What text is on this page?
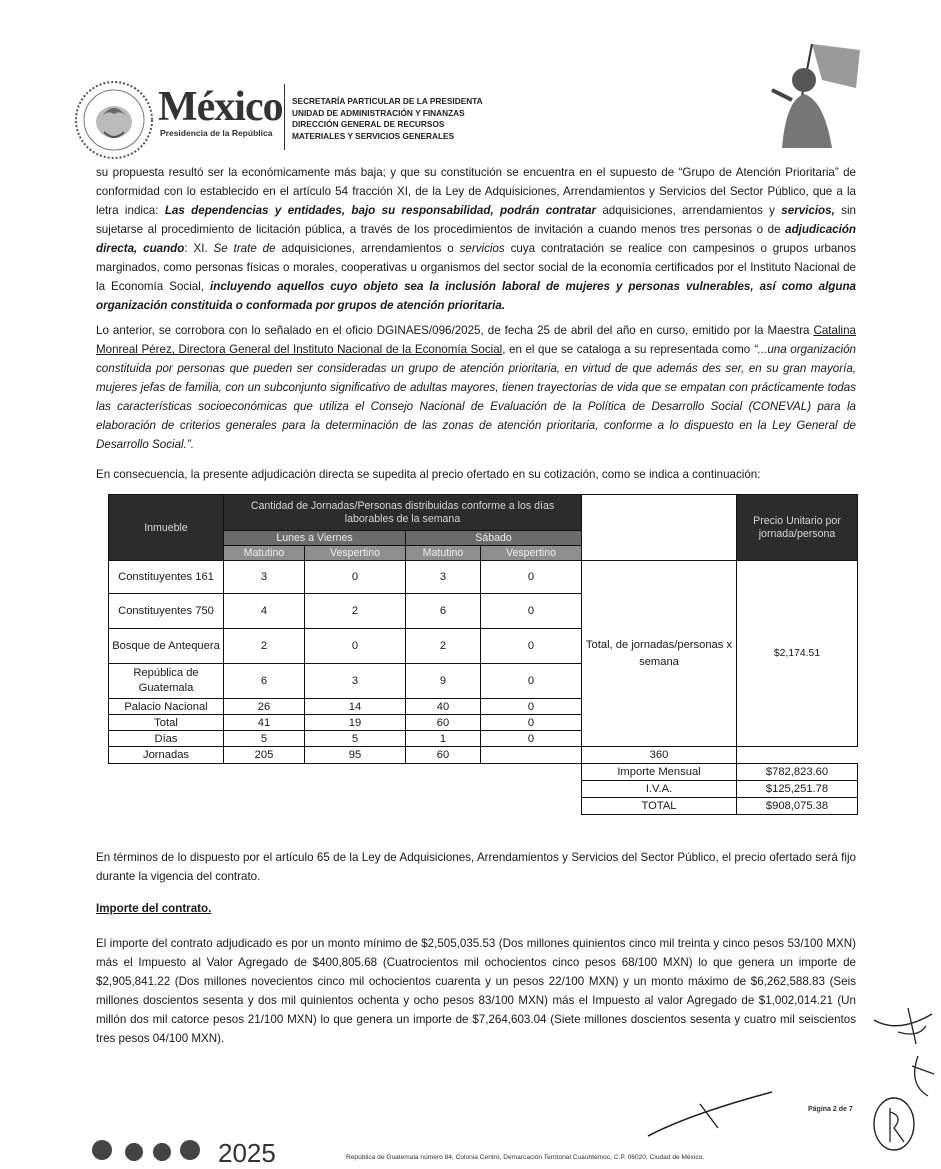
México
Presidencia de la República
SECRETARÍA PARTICULAR DE LA PRESIDENTA
UNIDAD DE ADMINISTRACIÓN Y FINANZAS
DIRECCIÓN GENERAL DE RECURSOS
MATERIALES Y SERVICIOS GENERALES

su propuesta resultó ser la económicamente más baja; y que su constitución se encuentra en el supuesto de “Grupo de Atención Prioritaria” de conformidad con lo establecido en el artículo 54 fracción XI, de la Ley de Adquisiciones, Arrendamientos y Servicios del Sector Público, que a la letra indica: Las dependencias y entidades, bajo su responsabilidad, podrán contratar adquisiciones, arrendamientos y servicios, sin sujetarse al procedimiento de licitación pública, a través de los procedimientos de invitación a cuando menos tres personas o de adjudicación directa, cuando: XI. Se trate de adquisiciones, arrendamientos o servicios cuya contratación se realice con campesinos o grupos urbanos marginados, como personas físicas o morales, cooperativas u organismos del sector social de la economía certificados por el Instituto Nacional de la Economía Social, incluyendo aquellos cuyo objeto sea la inclusión laboral de mujeres y personas vulnerables, así como alguna organización constituida o conformada por grupos de atención prioritaria.

Lo anterior, se corrobora con lo señalado en el oficio DGINAES/096/2025, de fecha 25 de abril del año en curso, emitido por la Maestra Catalina Monreal Pérez, Directora General del Instituto Nacional de la Economía Social, en el que se cataloga a su representada como “...una organización constituida por personas que pueden ser consideradas un grupo de atención prioritaria, en virtud de que además des ser, en su gran mayoría, mujeres jefas de familia, con un subconjunto significativo de adultas mayores, tienen trayectorias de vida que se empatan con prácticamente todas las características socioeconómicas que utiliza el Consejo Nacional de Evaluación de la Política de Desarrollo Social (CONEVAL) para la elaboración de criterios generales para la determinación de las zonas de atención prioritaria, conforme a lo dispuesto en la Ley General de Desarrollo Social.”.

En consecuencia, la presente adjudicación directa se supedita al precio ofertado en su cotización, como se indica a continuación:

Inmueble	Cantidad de Jornadas/Personas distribuidas conforme a los días laborables de la semana					Precio Unitario por jornada/persona
	Lunes a Viernes		Sábado			
	Matutino	Vespertino	Matutino	Vespertino		
Constituyentes 161	3	0	3	0	Total, de jornadas/personas x semana	$2,174.51
Constituyentes 750	4	2	6	0		
Bosque de Antequera	2	0	2	0		
República de Guatemala	6	3	9	0		
Palacio Nacional	26	14	40	0		
Total	41	19	60	0		
Días	5	5	1	0		
Jornadas	205	95	60		360	
					Importe Mensual	$782,823.60
					I.V.A.	$125,251.78
					TOTAL	$908,075.38

En términos de lo dispuesto por el artículo 65 de la Ley de Adquisiciones, Arrendamientos y Servicios del Sector Público, el precio ofertado será fijo durante la vigencia del contrato.

Importe del contrato.

El importe del contrato adjudicado es por un monto mínimo de $2,505,035.53 (Dos millones quinientos cinco mil treinta y cinco pesos 53/100 MXN) más el Impuesto al Valor Agregado de $400,805.68 (Cuatrocientos mil ochocientos cinco pesos 68/100 MXN) lo que genera un importe de $2,905,841.22 (Dos millones novecientos cinco mil ochocientos cuarenta y un pesos 22/100 MXN) y un monto máximo de $6,262,588.83 (Seis millones doscientos sesenta y dos mil quinientos ochenta y ocho pesos 83/100 MXN) más el Impuesto al valor Agregado de $1,002,014.21 (Un millón dos mil catorce pesos 21/100 MXN) lo que genera un importe de $7,264,603.04 (Siete millones doscientos sesenta y cuatro mil seiscientos tres pesos 04/100 MXN).

Página 2 de 7
2025	República de Guatemala número 84, Colonia Centro, Demarcación Territorial Cuauhtémoc, C.P. 06020, Ciudad de México.
